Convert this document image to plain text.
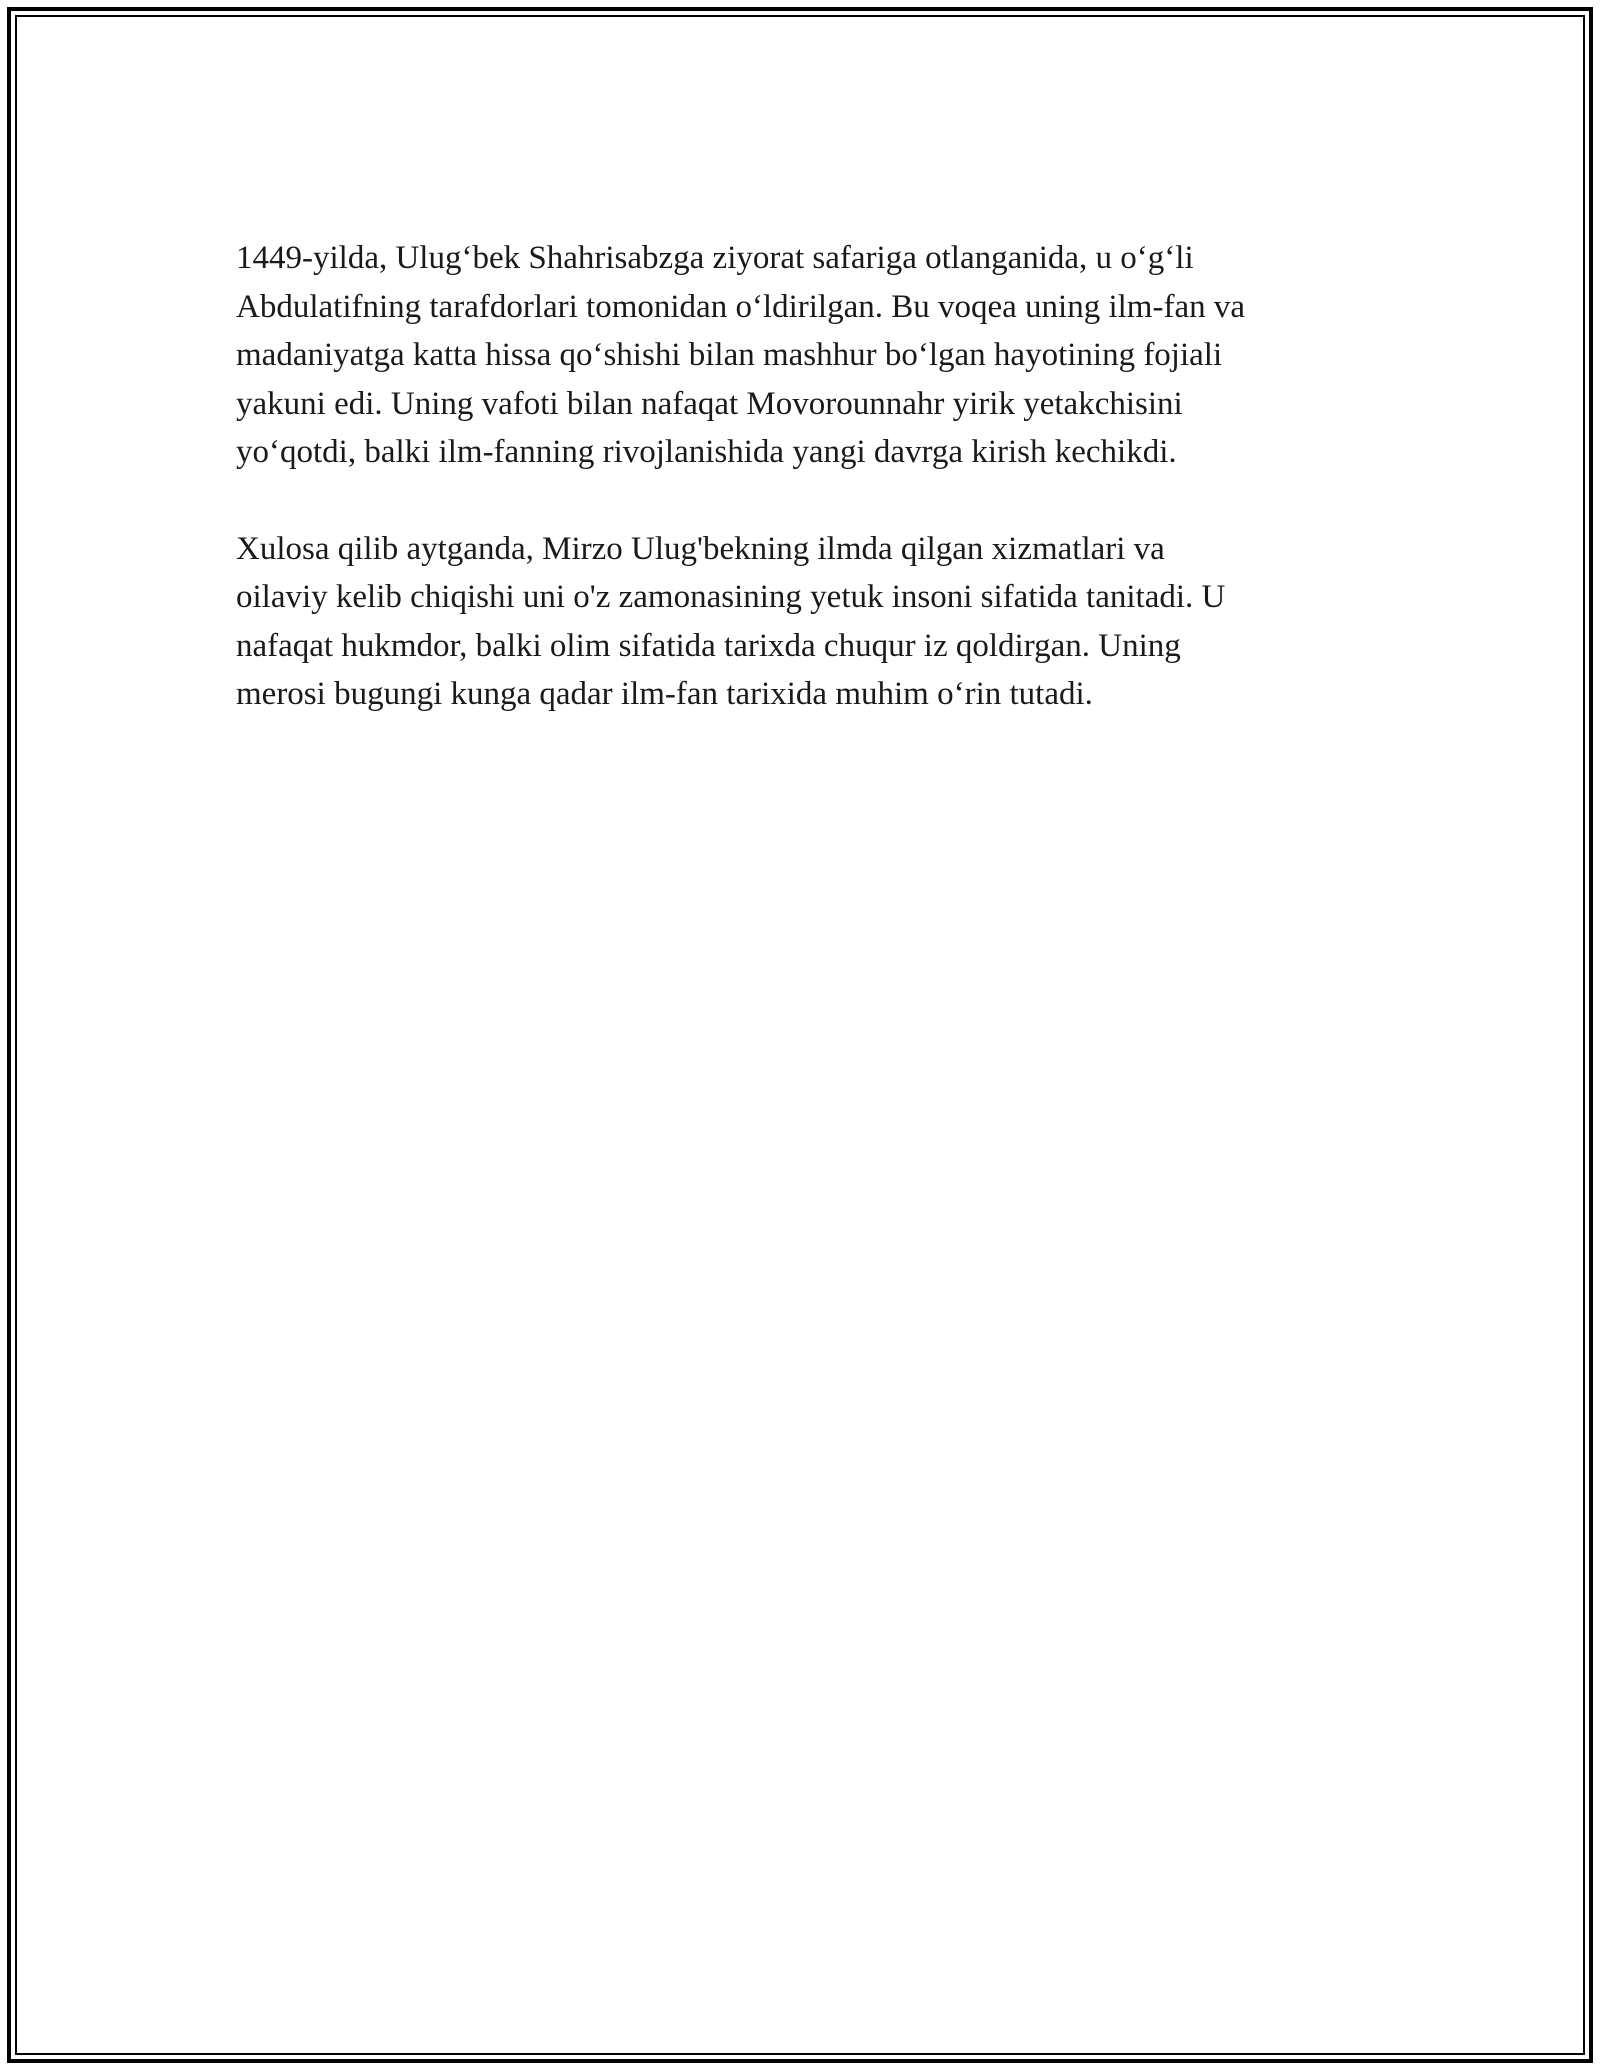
1449-yilda, Ulug‘bek Shahrisabzga ziyorat safariga otlanganida, u o‘g‘li
Abdulatifning tarafdorlari tomonidan o‘ldirilgan. Bu voqea uning ilm-fan va
madaniyatga katta hissa qo‘shishi bilan mashhur bo‘lgan hayotining fojiali
yakuni edi. Uning vafoti bilan nafaqat Movorounnahr yirik yetakchisini
yo‘qotdi, balki ilm-fanning rivojlanishida yangi davrga kirish kechikdi.

Xulosa qilib aytganda, Mirzo Ulug'bekning ilmda qilgan xizmatlari va
oilaviy kelib chiqishi uni o'z zamonasining yetuk insoni sifatida tanitadi. U
nafaqat hukmdor, balki olim sifatida tarixda chuqur iz qoldirgan. Uning
merosi bugungi kunga qadar ilm-fan tarixida muhim o‘rin tutadi.
